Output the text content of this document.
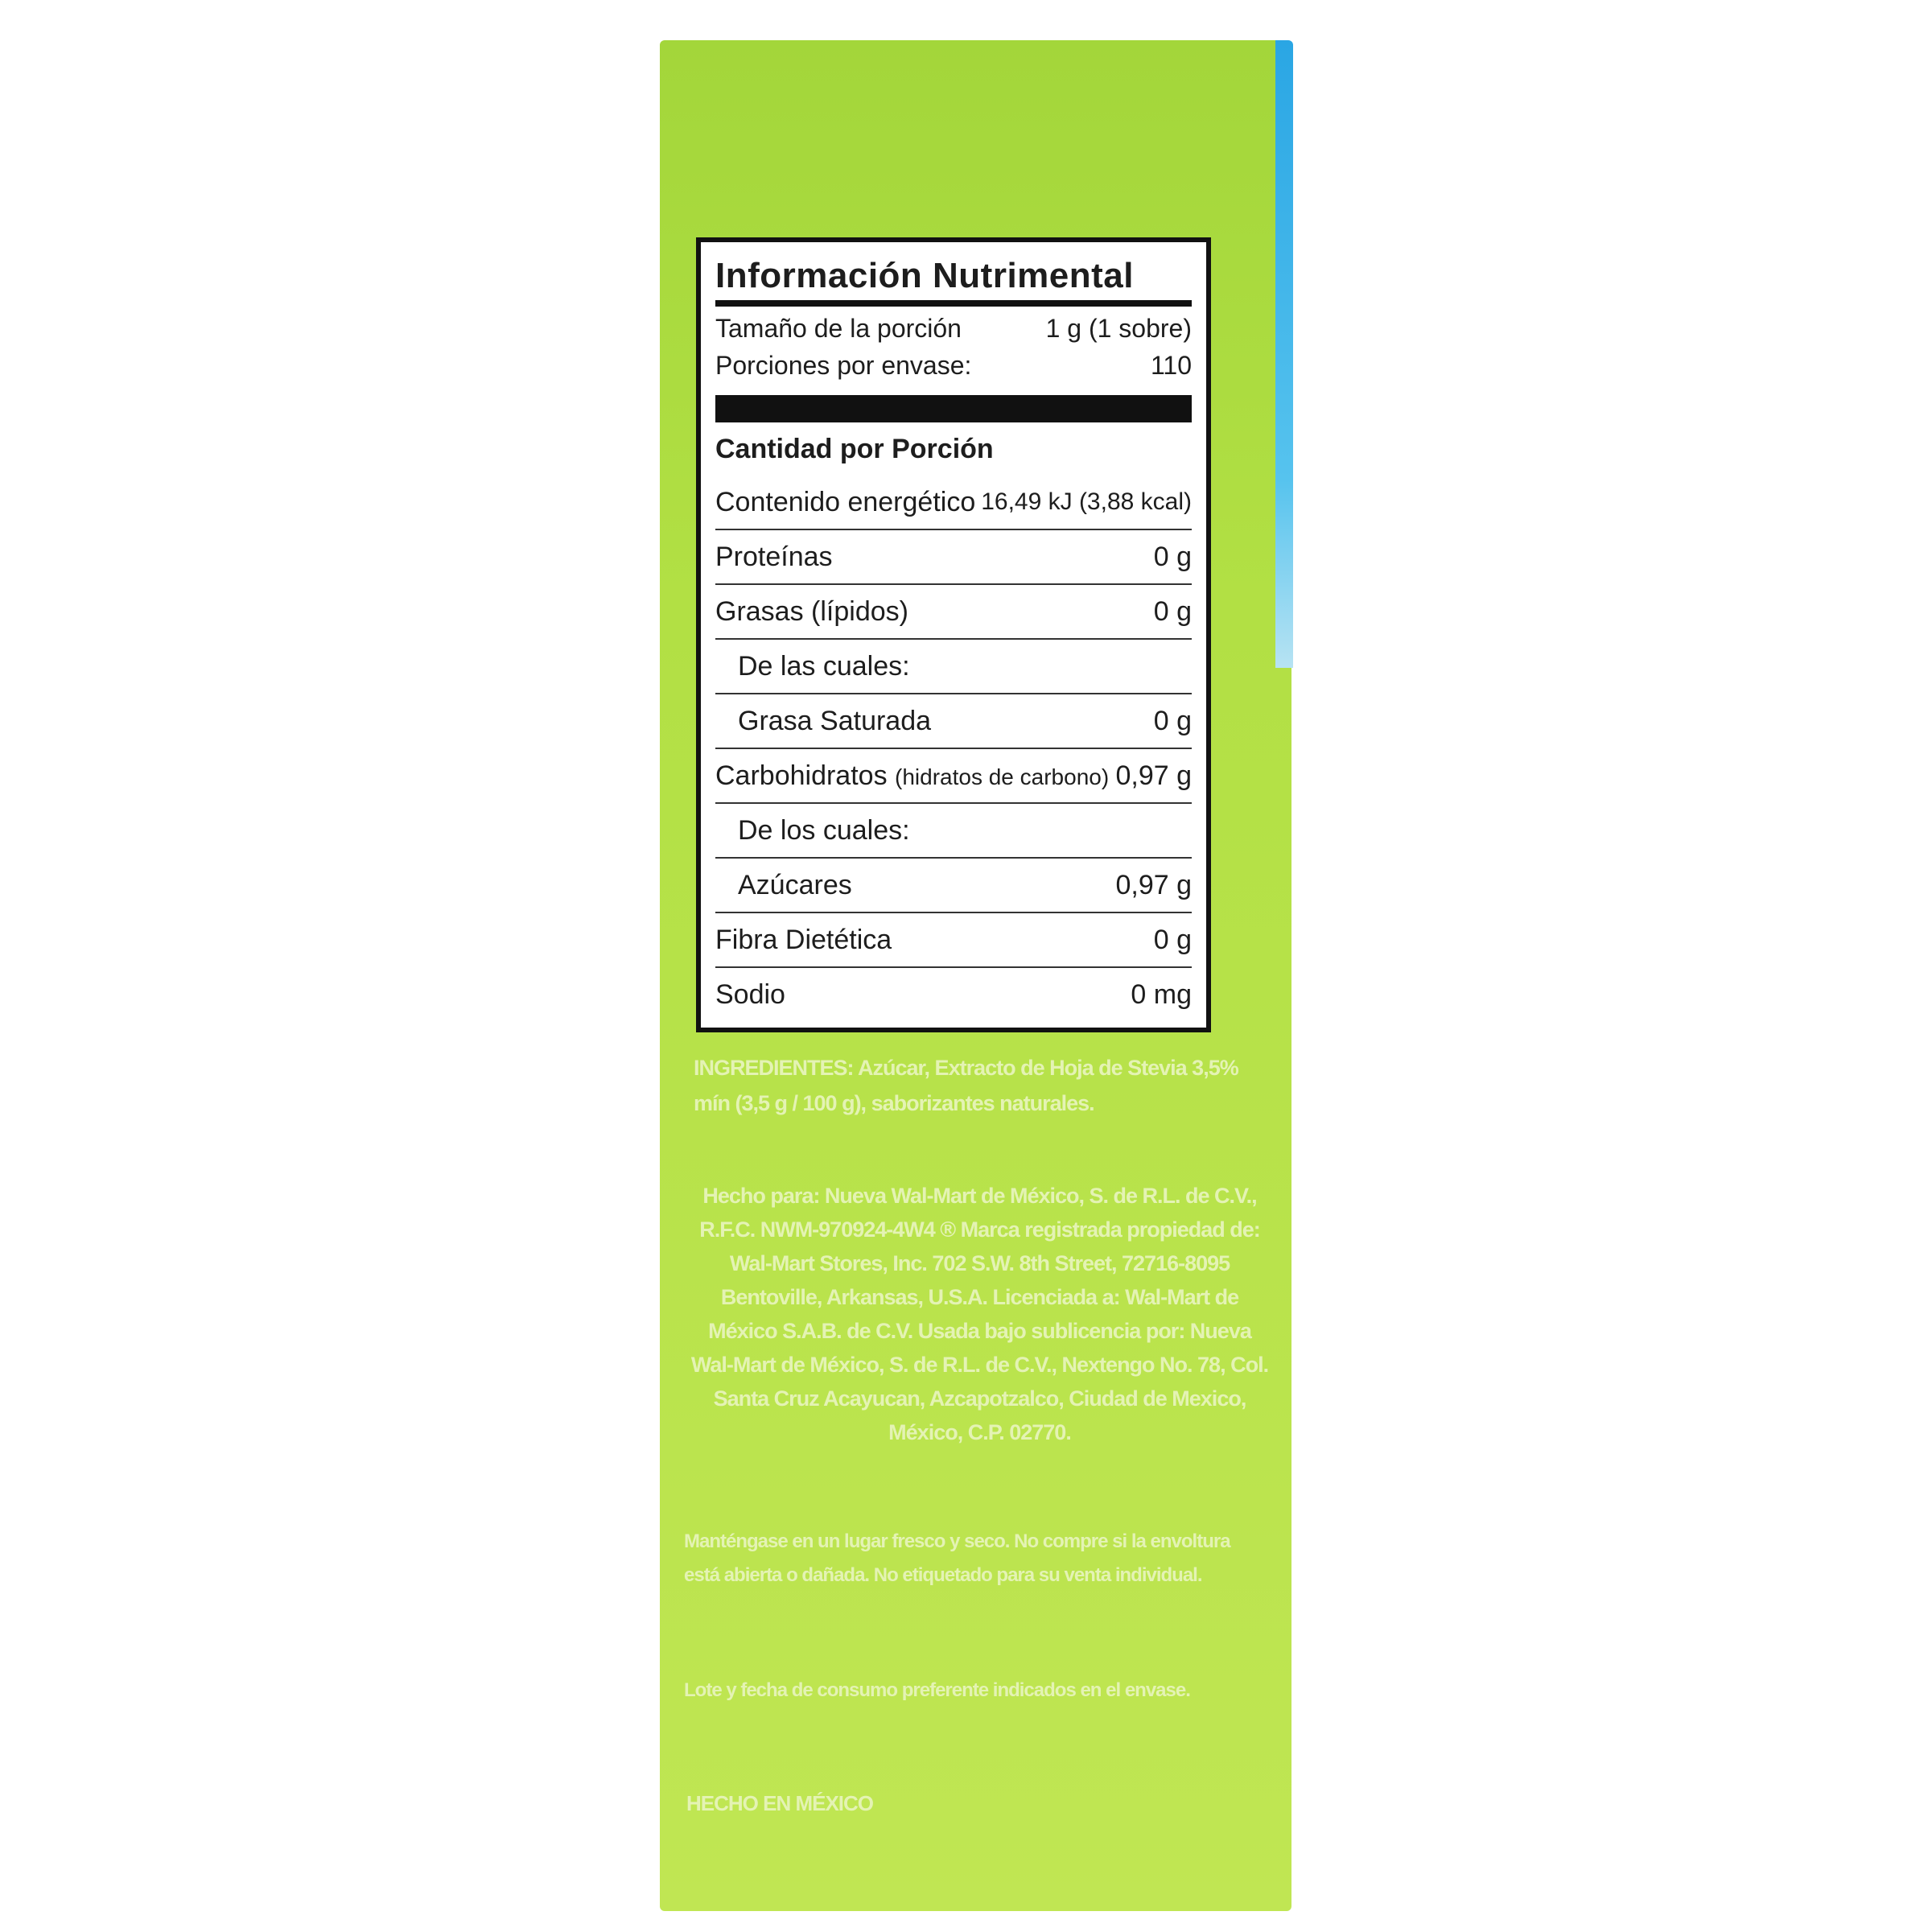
Información Nutrimental
Tamaño de la porción	1 g (1 sobre)
Porciones por envase:	110
Cantidad por Porción
Contenido energético 16,49 kJ (3,88 kcal)
Proteínas	0 g
Grasas (lípidos)	0 g
De las cuales:
Grasa Saturada	0 g
Carbohidratos (hidratos de carbono) 0,97 g
De los cuales:
Azúcares	0,97 g
Fibra Dietética	0 g
Sodio	0 mg
INGREDIENTES: Azúcar, Extracto de Hoja de Stevia 3,5% mín (3,5 g / 100 g), saborizantes naturales.
Hecho para: Nueva Wal-Mart de México, S. de R.L. de C.V., R.F.C. NWM-970924-4W4 ® Marca registrada propiedad de: Wal-Mart Stores, Inc. 702 S.W. 8th Street, 72716-8095 Bentoville, Arkansas, U.S.A. Licenciada a: Wal-Mart de México S.A.B. de C.V. Usada bajo sublicencia por: Nueva Wal-Mart de México, S. de R.L. de C.V., Nextengo No. 78, Col. Santa Cruz Acayucan, Azcapotzalco, Ciudad de Mexico, México, C.P. 02770.
Manténgase en un lugar fresco y seco. No compre si la envoltura está abierta o dañada. No etiquetado para su venta individual.
Lote y fecha de consumo preferente indicados en el envase.
HECHO EN MÉXICO
